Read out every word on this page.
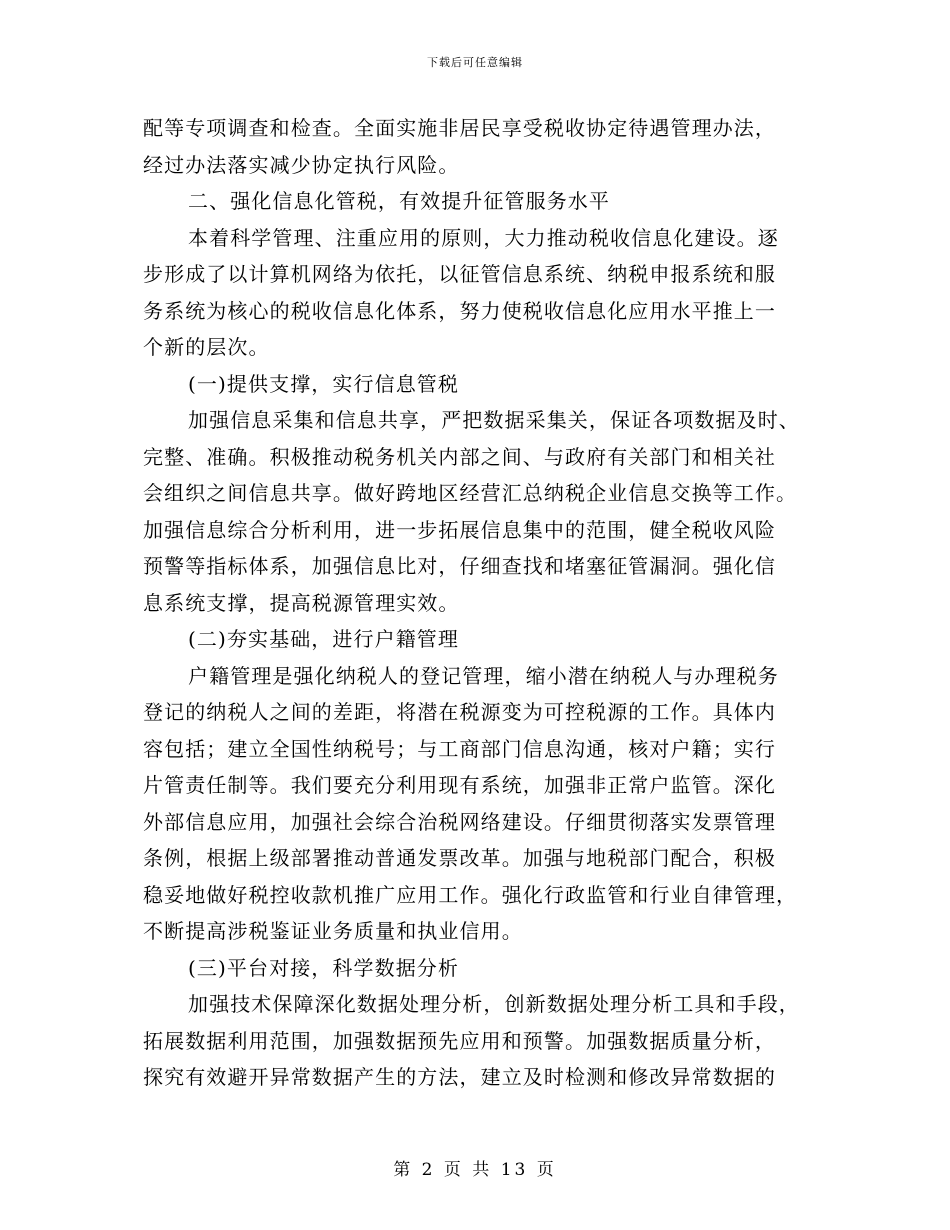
下载后可任意编辑
配等专项调查和检查。全面实施非居民享受税收协定待遇管理办法，
经过办法落实减少协定执行风险。
二、强化信息化管税，有效提升征管服务水平
本着科学管理、注重应用的原则，大力推动税收信息化建设。逐
步形成了以计算机网络为依托，以征管信息系统、纳税申报系统和服
务系统为核心的税收信息化体系，努力使税收信息化应用水平推上一
个新的层次。
(一)提供支撑，实行信息管税
加强信息采集和信息共享，严把数据采集关，保证各项数据及时、
完整、准确。积极推动税务机关内部之间、与政府有关部门和相关社
会组织之间信息共享。做好跨地区经营汇总纳税企业信息交换等工作。
加强信息综合分析利用，进一步拓展信息集中的范围，健全税收风险
预警等指标体系，加强信息比对，仔细查找和堵塞征管漏洞。强化信
息系统支撑，提高税源管理实效。
(二)夯实基础，进行户籍管理
户籍管理是强化纳税人的登记管理，缩小潜在纳税人与办理税务
登记的纳税人之间的差距，将潜在税源变为可控税源的工作。具体内
容包括；建立全国性纳税号；与工商部门信息沟通，核对户籍；实行
片管责任制等。我们要充分利用现有系统，加强非正常户监管。深化
外部信息应用，加强社会综合治税网络建设。仔细贯彻落实发票管理
条例，根据上级部署推动普通发票改革。加强与地税部门配合，积极
稳妥地做好税控收款机推广应用工作。强化行政监管和行业自律管理，
不断提高涉税鉴证业务质量和执业信用。
(三)平台对接，科学数据分析
加强技术保障深化数据处理分析，创新数据处理分析工具和手段，
拓展数据利用范围，加强数据预先应用和预警。加强数据质量分析，
探究有效避开异常数据产生的方法，建立及时检测和修改异常数据的
第 2 页 共 13 页
